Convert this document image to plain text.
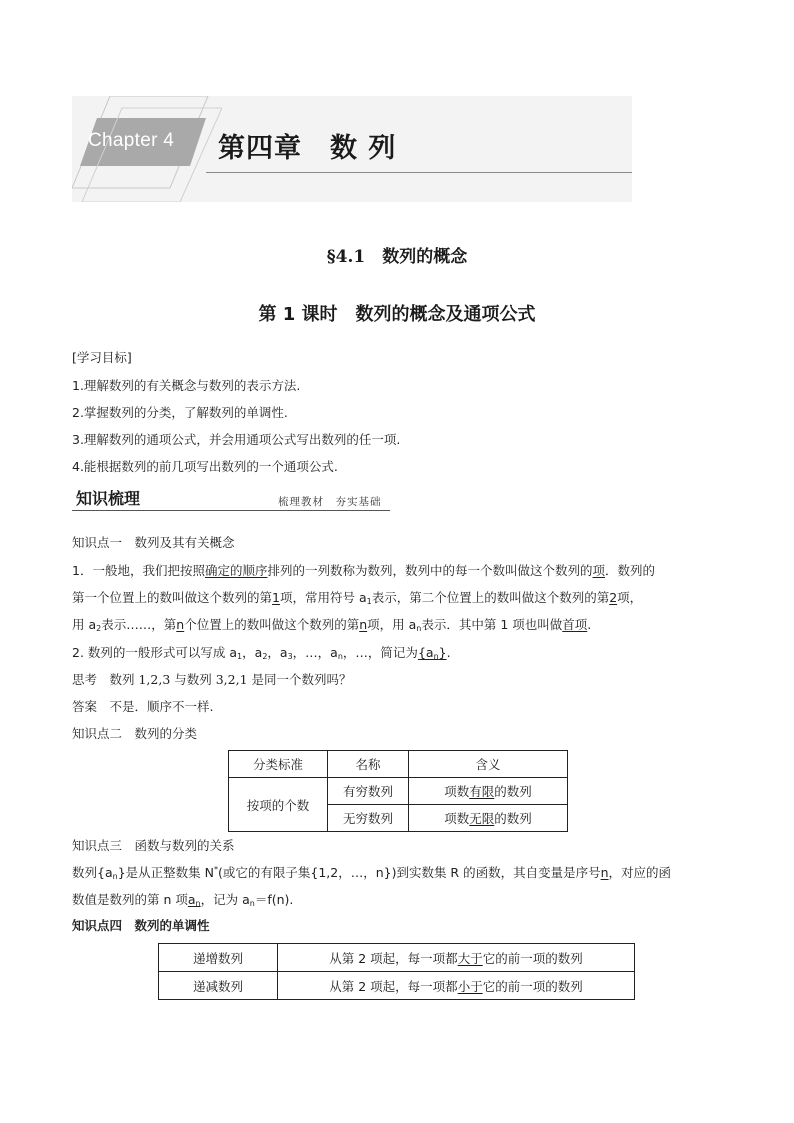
Chapter 4 第四章　数 列
§4.1　数列的概念
第 1 课时　数列的概念及通项公式
[学习目标]
1.理解数列的有关概念与数列的表示方法.
2.掌握数列的分类，了解数列的单调性.
3.理解数列的通项公式，并会用通项公式写出数列的任一项.
4.能根据数列的前几项写出数列的一个通项公式.
知识梳理	梳理教材　夯实基础
知识点一　数列及其有关概念
1．一般地，我们把按照确定的顺序排列的一列数称为数列，数列中的每一个数叫做这个数列的项．数列的
第一个位置上的数叫做这个数列的第1项，常用符号 $a_1$表示，第二个位置上的数叫做这个数列的第2项，
用 $a_2$表示……，第n个位置上的数叫做这个数列的第n项，用 $a_n$表示．其中第 1 项也叫做首项.
2. 数列的一般形式可以写成 $a_1$，$a_2$，$a_3$，…，$a_n$，…，简记为$\{a_n\}$.
思考　数列 1,2,3 与数列 3,2,1 是同一个数列吗？
答案　不是．顺序不一样.
知识点二　数列的分类
分类标准	名称	含义
按项的个数	有穷数列	项数有限的数列
	无穷数列	项数无限的数列
知识点三　函数与数列的关系
数列$\{a_n\}$是从正整数集 N*(或它的有限子集{1,2，…，n})到实数集 R 的函数，其自变量是序号n，对应的函
数值是数列的第 n 项$a_n$，记为 $a_n=f(n)$.
知识点四　数列的单调性
递增数列	从第 2 项起，每一项都大于它的前一项的数列
递减数列	从第 2 项起，每一项都小于它的前一项的数列
